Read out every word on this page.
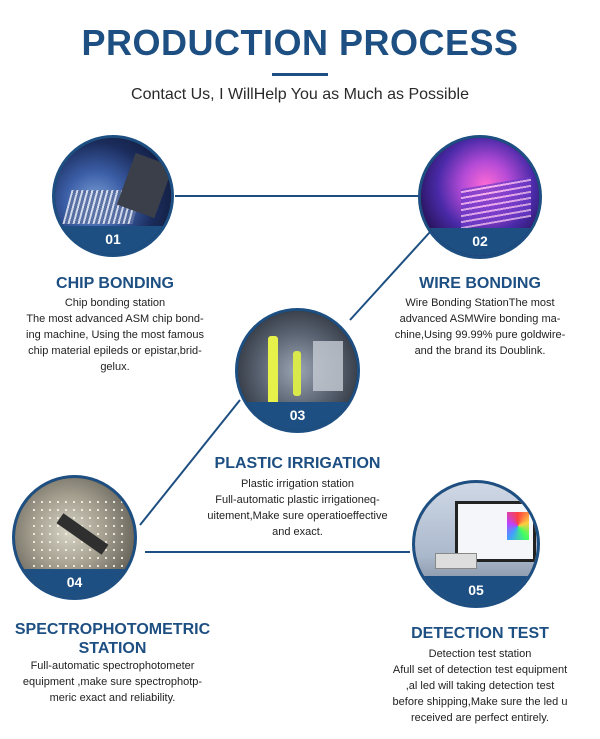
PRODUCTION PROCESS
Contact Us, I WillHelp You as Much as Possible
01
CHIP BONDING
Chip bonding station
The most advanced ASM chip bond-
ing machine, Using the most famous
chip material epileds or epistar,brid-
gelux.
02
WIRE BONDING
Wire Bonding StationThe most
advanced ASMWire bonding ma-
chine,Using 99.99% pure goldwire-
and the brand its Doublink.
03
PLASTIC IRRIGATION
Plastic irrigation station
Full-automatic plastic irrigationeq-
uitement,Make sure operatioeffective
and exact.
04
SPECTROPHOTOMETRIC
STATION
Full-automatic spectrophotometer
equipment ,make sure spectrophotp-
meric exact and reliability.
05
DETECTION TEST
Detection test station
Afull set of detection test equipment
,al led will taking detection test
before shipping,Make sure the led u
received are perfect entirely.
